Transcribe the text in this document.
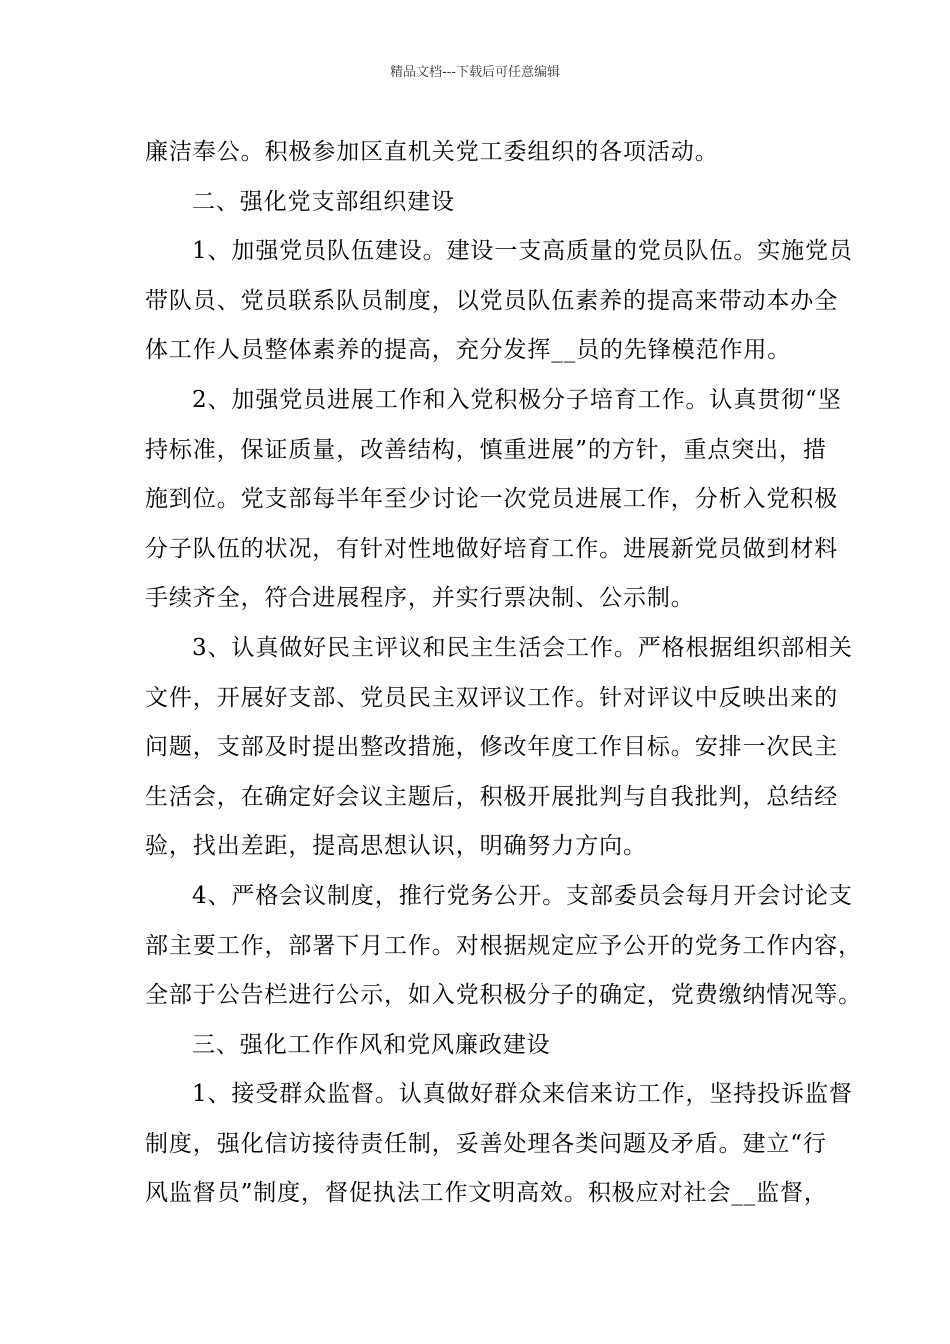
精品文档---下载后可任意编辑
廉洁奉公。积极参加区直机关党工委组织的各项活动。
二、强化党支部组织建设
1、加强党员队伍建设。建设一支高质量的党员队伍。实施党员
带队员、党员联系队员制度，以党员队伍素养的提高来带动本办全
体工作人员整体素养的提高，充分发挥__员的先锋模范作用。
2、加强党员进展工作和入党积极分子培育工作。认真贯彻“坚
持标准，保证质量，改善结构，慎重进展”的方针，重点突出，措
施到位。党支部每半年至少讨论一次党员进展工作，分析入党积极
分子队伍的状况，有针对性地做好培育工作。进展新党员做到材料
手续齐全，符合进展程序，并实行票决制、公示制。
3、认真做好民主评议和民主生活会工作。严格根据组织部相关
文件，开展好支部、党员民主双评议工作。针对评议中反映出来的
问题，支部及时提出整改措施，修改年度工作目标。安排一次民主
生活会，在确定好会议主题后，积极开展批判与自我批判，总结经
验，找出差距，提高思想认识，明确努力方向。
4、严格会议制度，推行党务公开。支部委员会每月开会讨论支
部主要工作，部署下月工作。对根据规定应予公开的党务工作内容，
全部于公告栏进行公示，如入党积极分子的确定，党费缴纳情况等。
三、强化工作作风和党风廉政建设
1、接受群众监督。认真做好群众来信来访工作，坚持投诉监督
制度，强化信访接待责任制，妥善处理各类问题及矛盾。建立“行
风监督员”制度，督促执法工作文明高效。积极应对社会__监督，
